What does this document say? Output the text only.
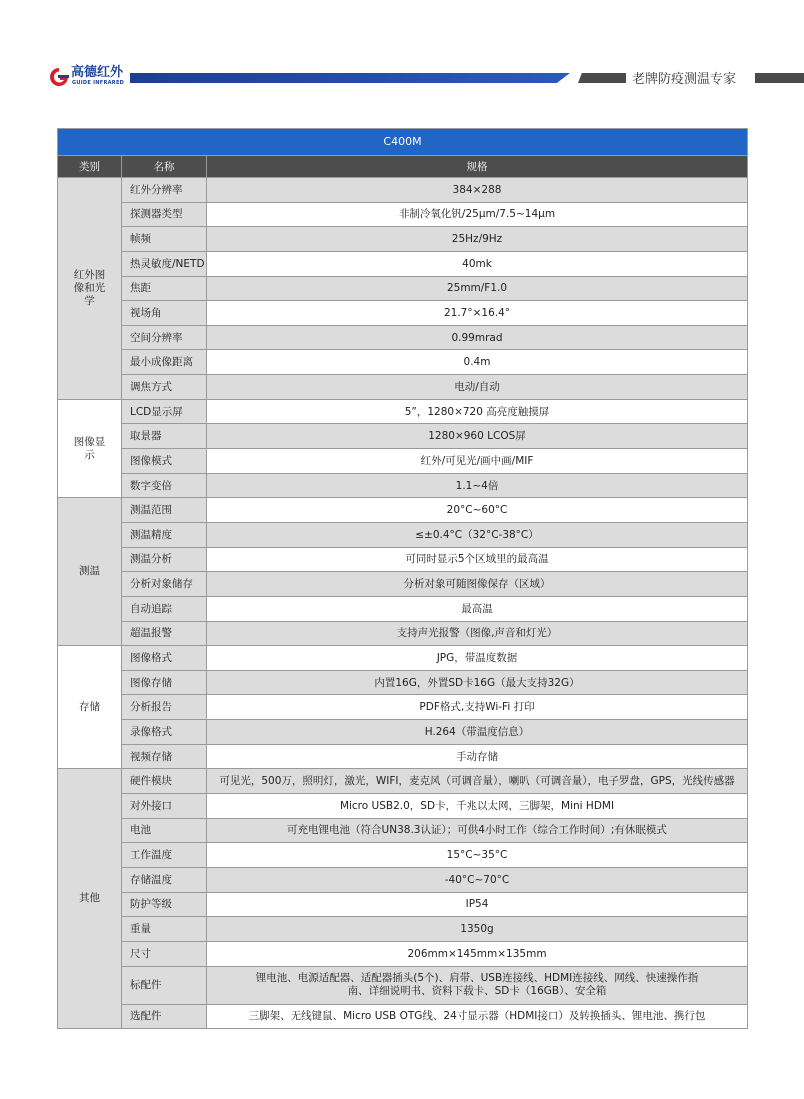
高德红外
GUIDE INFRARED	老牌防疫测温专家
C400M		
类别	名称	规格
红外图像和光学	红外分辨率	384×288
	探测器类型	非制冷氧化钒/25μm/7.5~14μm
	帧频	25Hz/9Hz
	热灵敏度/NETD	40mk
	焦距	25mm/F1.0
	视场角	21.7°×16.4°
	空间分辨率	0.99mrad
	最小成像距离	0.4m
	调焦方式	电动/自动
图像显示	LCD显示屏	5”，1280×720 高亮度触摸屏
	取景器	1280×960 LCOS屏
	图像模式	红外/可见光/画中画/MIF
	数字变倍	1.1~4倍
测温	测温范围	20°C~60°C
	测温精度	≤±0.4°C（32°C-38°C）
	测温分析	可同时显示5个区域里的最高温
	分析对象储存	分析对象可随图像保存（区域）
	自动追踪	最高温
	超温报警	支持声光报警（图像,声音和灯光）
存储	图像格式	JPG，带温度数据
	图像存储	内置16G，外置SD卡16G（最大支持32G）
	分析报告	PDF格式,支持Wi-Fi 打印
	录像格式	H.264（带温度信息）
	视频存储	手动存储
其他	硬件模块	可见光，500万，照明灯，激光，WIFI，麦克风（可调音量），喇叭（可调音量），电子罗盘，GPS，光线传感器
	对外接口	Micro USB2.0，SD卡，千兆以太网，三脚架，Mini HDMI
	电池	可充电锂电池（符合UN38.3认证）；可供4小时工作（综合工作时间）;有休眠模式
	工作温度	15°C~35°C
	存储温度	-40°C~70°C
	防护等级	IP54
	重量	1350g
	尺寸	206mm×145mm×135mm
	标配件	锂电池、电源适配器、适配器插头(5个)、肩带、USB连接线、HDMI连接线、网线、快速操作指南、详细说明书、资料下载卡、SD卡（16GB）、安全箱
	选配件	三脚架、无线键鼠、Micro USB OTG线、24寸显示器（HDMI接口）及转换插头、锂电池、携行包
